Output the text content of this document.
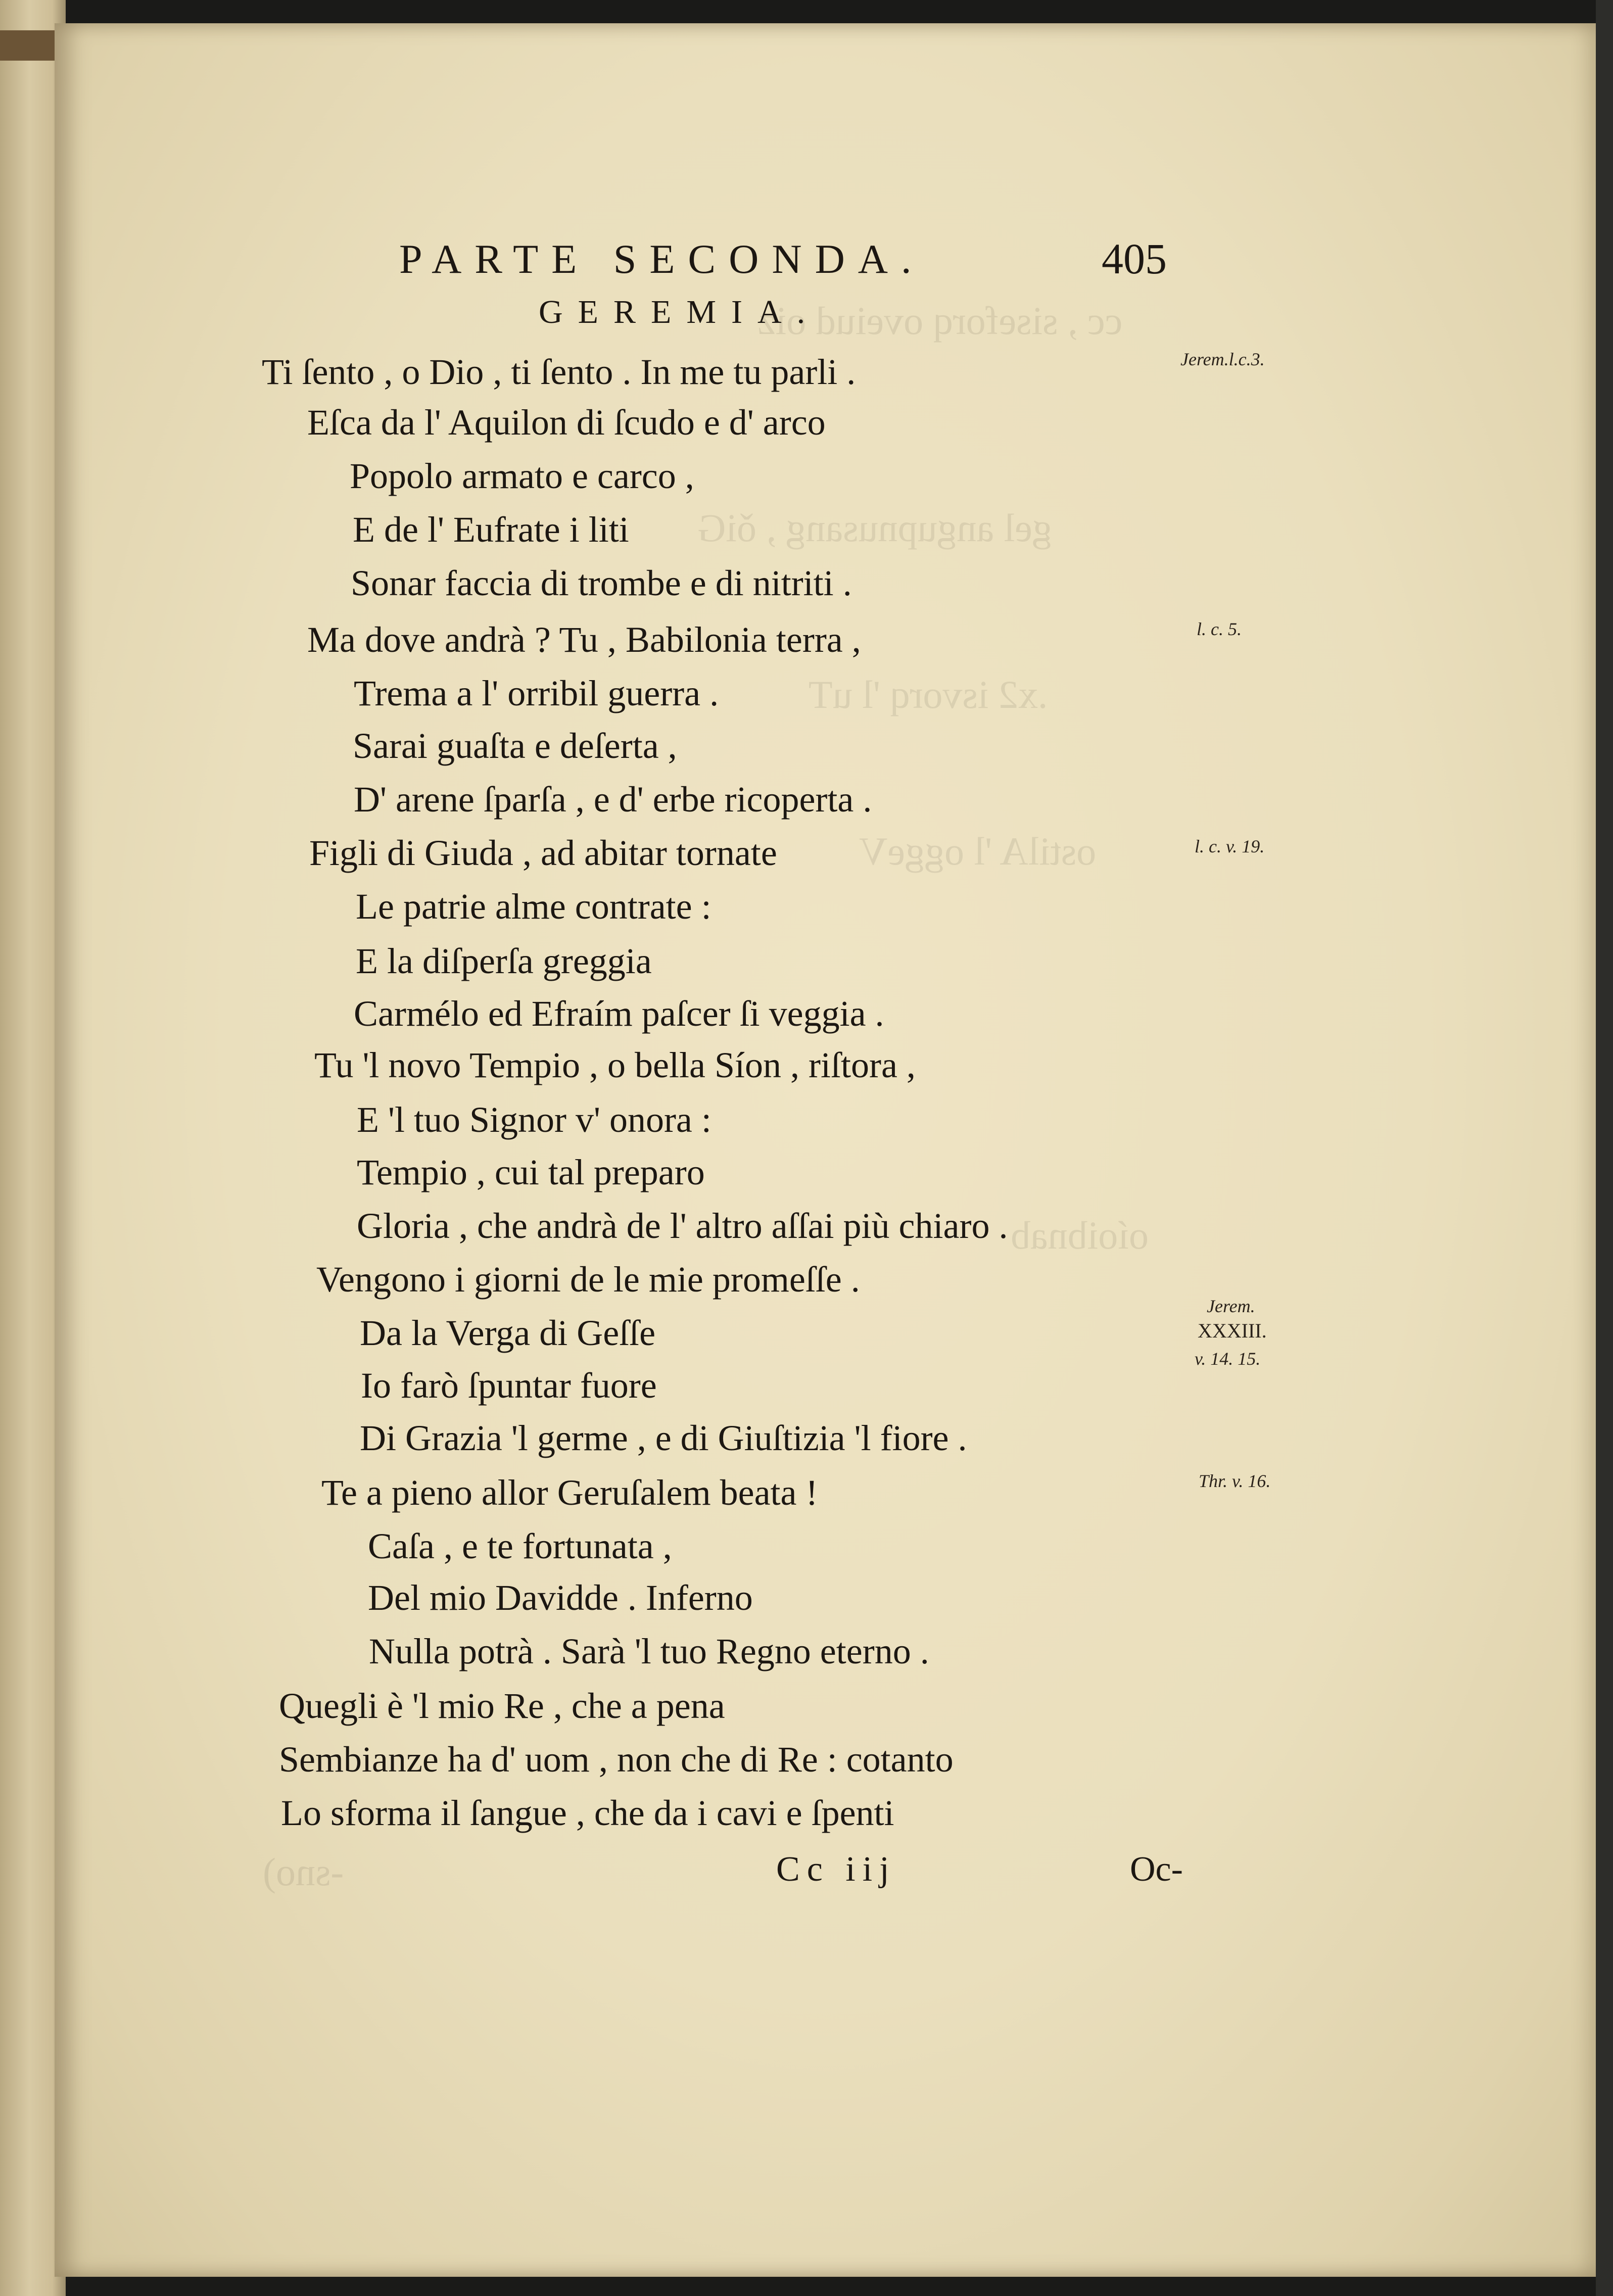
cc , siseforq oveiud oiz
gel angupnusang , ǒiG
.x2 isvorq 'l uT
ostilA 'l oggeV
oíoibnab
-sno)
PARTE SECONDA.	405
GEREMIA.
Ti ſento , o Dio , ti ſento . In me tu parli .
Eſca da l' Aquilon di ſcudo e d' arco
Popolo armato e carco ,
E de l' Eufrate i liti
Sonar faccia di trombe e di nitriti .
Ma dove andrà ? Tu , Babilonia terra ,
Trema a l' orribil guerra .
Sarai guaſta e deſerta ,
D' arene ſparſa , e d' erbe ricoperta .
Figli di Giuda , ad abitar tornate
Le patrie alme contrate :
E la diſperſa greggia
Carmélo ed Efraím paſcer ſi veggia .
Tu 'l novo Tempio , o bella Síon , riſtora ,
E 'l tuo Signor v' onora :
Tempio , cui tal preparo
Gloria , che andrà de l' altro aſſai più chiaro .
Vengono i giorni de le mie promeſſe .
Da la Verga di Geſſe
Io farò ſpuntar fuore
Di Grazia 'l germe , e di Giuſtizia 'l fiore .
Te a pieno allor Geruſalem beata !
Caſa , e te fortunata ,
Del mio Davidde . Inferno
Nulla potrà . Sarà 'l tuo Regno eterno .
Quegli è 'l mio Re , che a pena
Sembianze ha d' uom , non che di Re : cotanto
Lo sforma il ſangue , che da i cavi e ſpenti
Jerem.l.c.3.
l. c. 5.
l. c. v. 19.
Jerem.
XXXIII.
v. 14. 15.
Thr. v. 16.
Cc iij	Oc-
